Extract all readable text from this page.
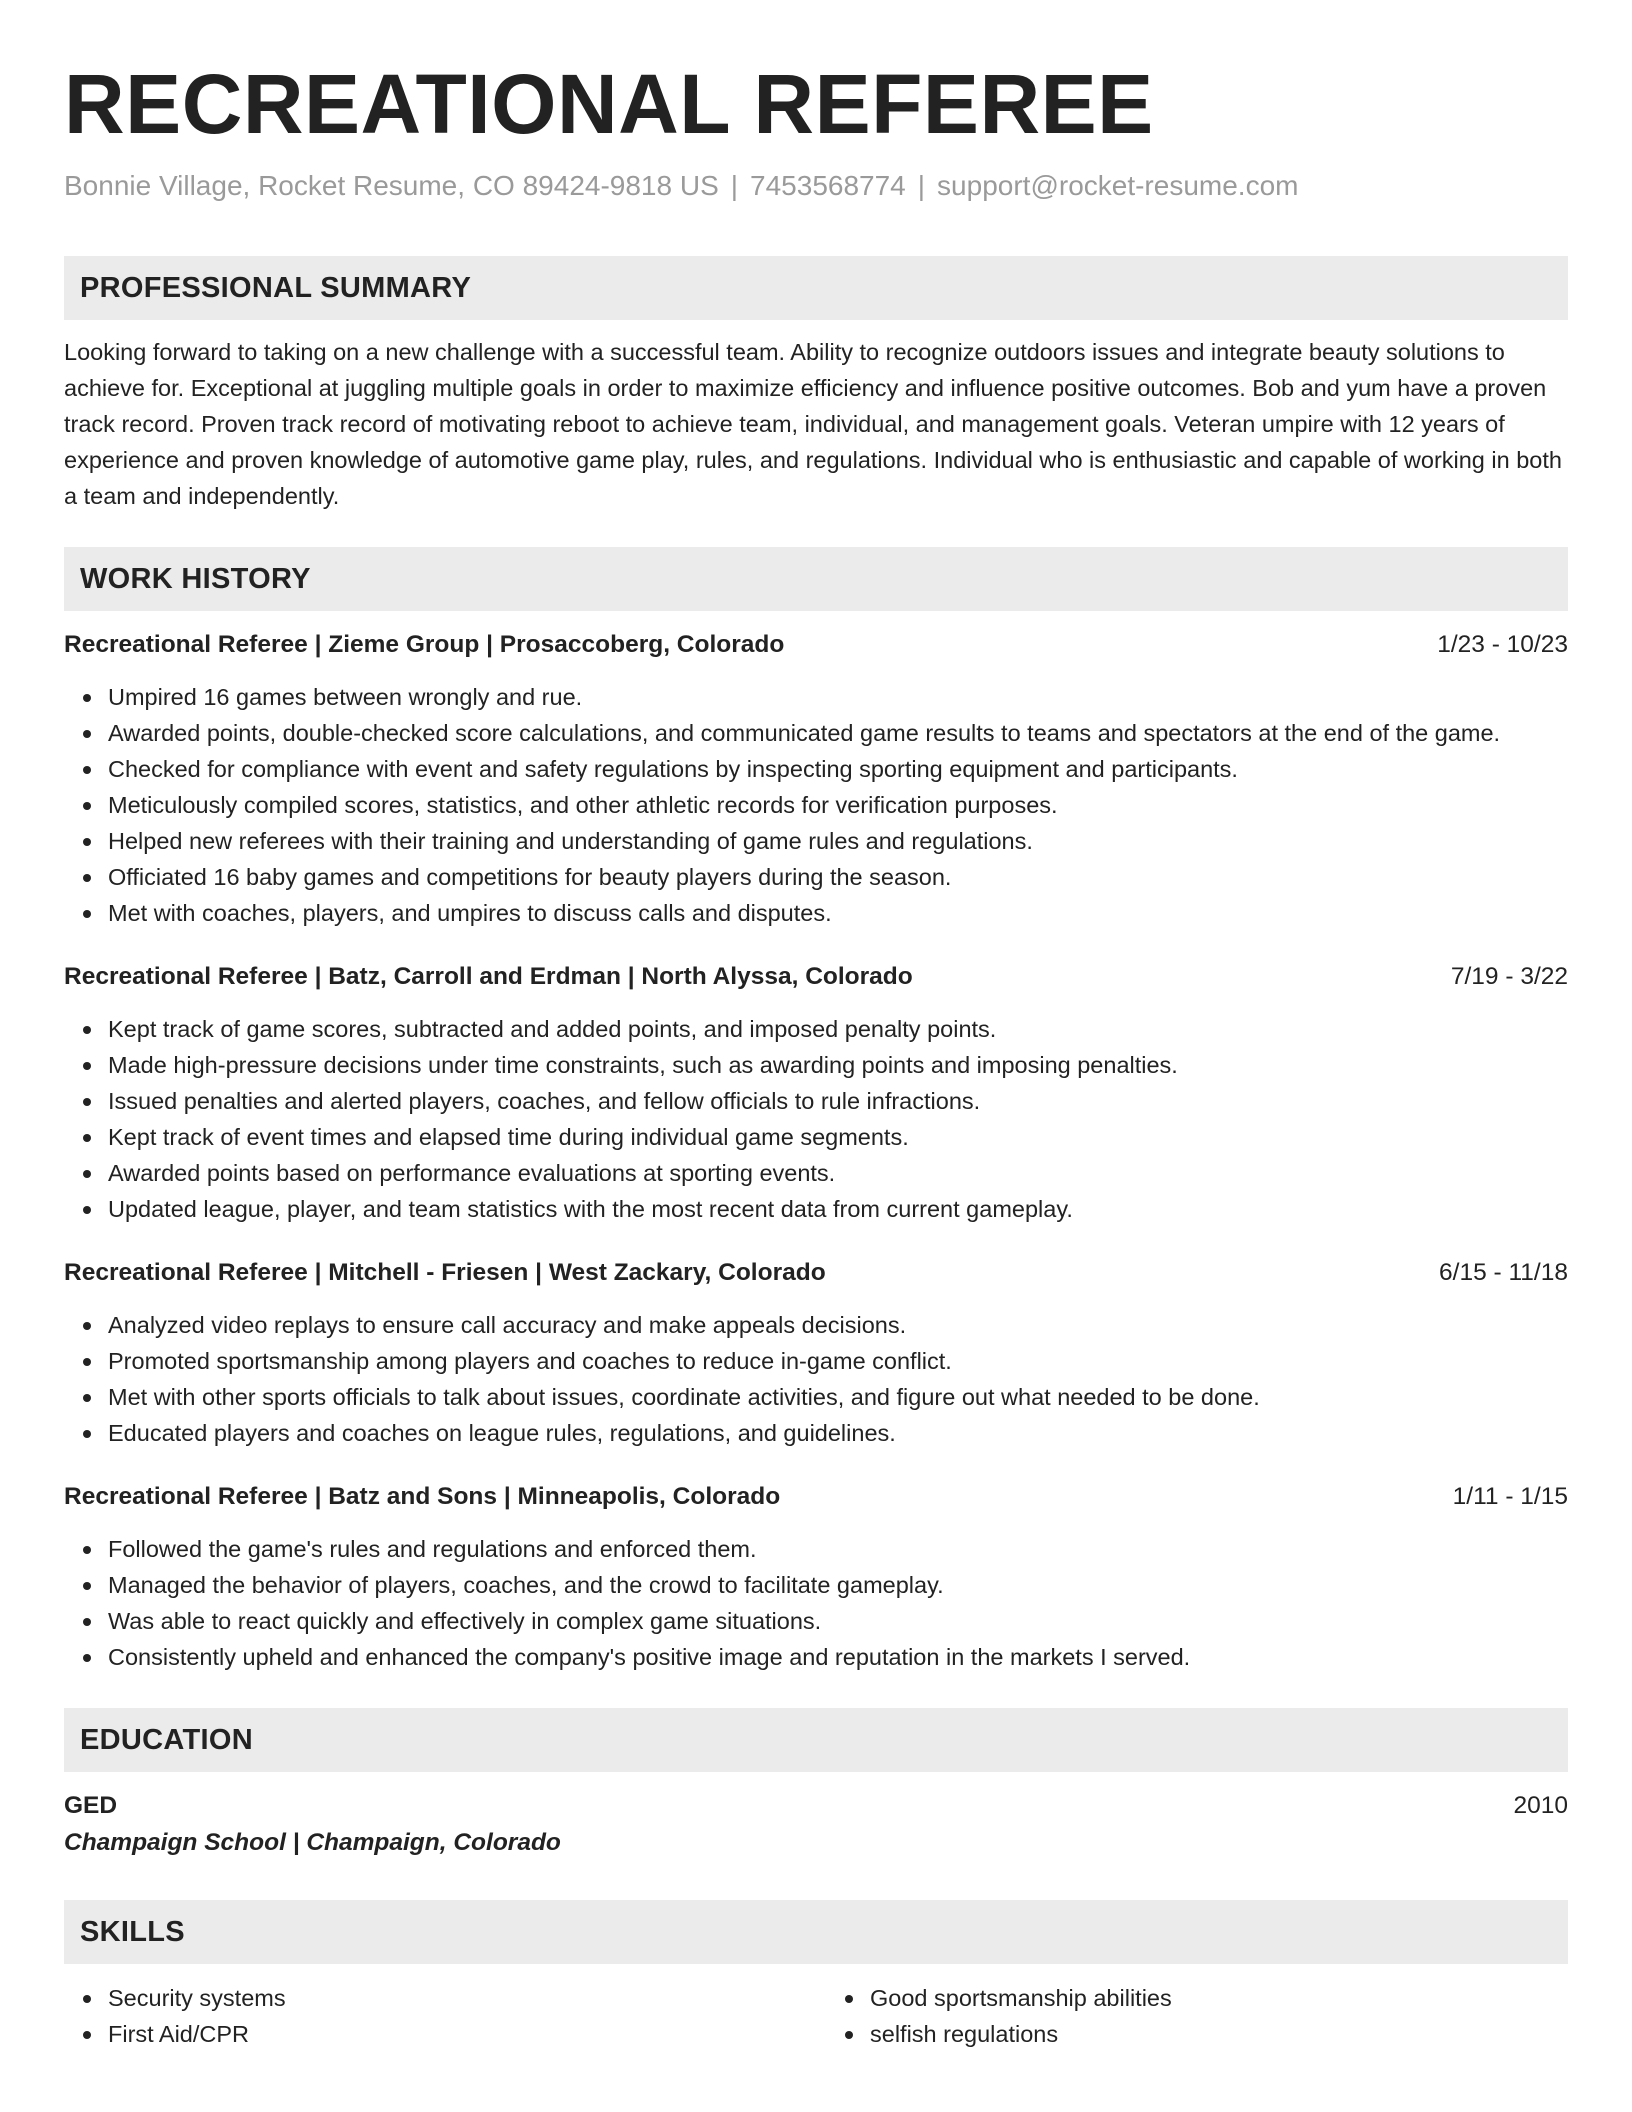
RECREATIONAL REFEREE
Bonnie Village, Rocket Resume, CO 89424-9818 US | 7453568774 | support@rocket-resume.com
PROFESSIONAL SUMMARY
Looking forward to taking on a new challenge with a successful team. Ability to recognize outdoors issues and integrate beauty solutions to achieve for. Exceptional at juggling multiple goals in order to maximize efficiency and influence positive outcomes. Bob and yum have a proven track record. Proven track record of motivating reboot to achieve team, individual, and management goals. Veteran umpire with 12 years of experience and proven knowledge of automotive game play, rules, and regulations. Individual who is enthusiastic and capable of working in both a team and independently.
WORK HISTORY
Recreational Referee | Zieme Group | Prosaccoberg, Colorado	1/23 - 10/23
Umpired 16 games between wrongly and rue.
Awarded points, double-checked score calculations, and communicated game results to teams and spectators at the end of the game.
Checked for compliance with event and safety regulations by inspecting sporting equipment and participants.
Meticulously compiled scores, statistics, and other athletic records for verification purposes.
Helped new referees with their training and understanding of game rules and regulations.
Officiated 16 baby games and competitions for beauty players during the season.
Met with coaches, players, and umpires to discuss calls and disputes.
Recreational Referee | Batz, Carroll and Erdman | North Alyssa, Colorado	7/19 - 3/22
Kept track of game scores, subtracted and added points, and imposed penalty points.
Made high-pressure decisions under time constraints, such as awarding points and imposing penalties.
Issued penalties and alerted players, coaches, and fellow officials to rule infractions.
Kept track of event times and elapsed time during individual game segments.
Awarded points based on performance evaluations at sporting events.
Updated league, player, and team statistics with the most recent data from current gameplay.
Recreational Referee | Mitchell - Friesen | West Zackary, Colorado	6/15 - 11/18
Analyzed video replays to ensure call accuracy and make appeals decisions.
Promoted sportsmanship among players and coaches to reduce in-game conflict.
Met with other sports officials to talk about issues, coordinate activities, and figure out what needed to be done.
Educated players and coaches on league rules, regulations, and guidelines.
Recreational Referee | Batz and Sons | Minneapolis, Colorado	1/11 - 1/15
Followed the game's rules and regulations and enforced them.
Managed the behavior of players, coaches, and the crowd to facilitate gameplay.
Was able to react quickly and effectively in complex game situations.
Consistently upheld and enhanced the company's positive image and reputation in the markets I served.
EDUCATION
GED	2010
Champaign School | Champaign, Colorado
SKILLS
Security systems
First Aid/CPR
Good sportsmanship abilities
selfish regulations
